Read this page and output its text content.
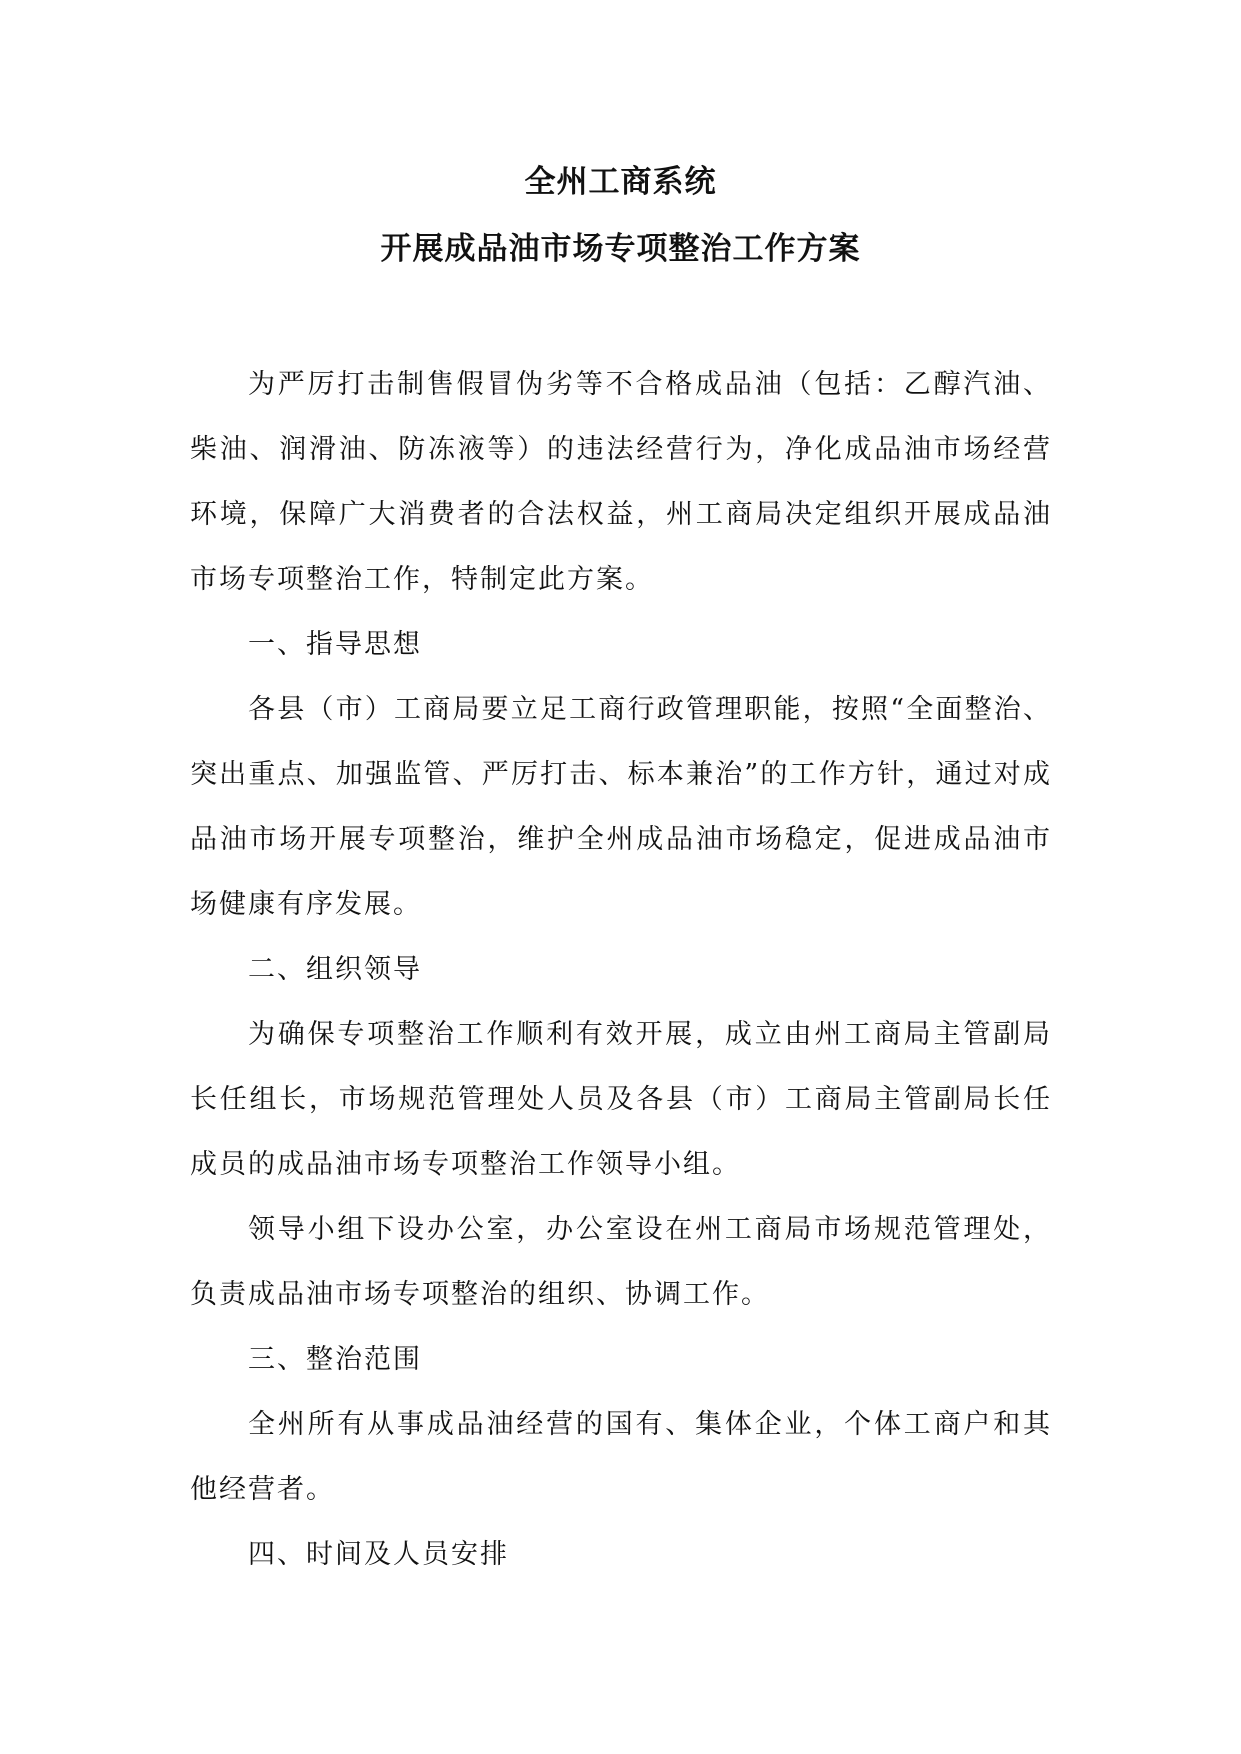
全州工商系统
开展成品油市场专项整治工作方案

为严厉打击制售假冒伪劣等不合格成品油（包括：乙醇汽油、柴油、润滑油、防冻液等）的违法经营行为，净化成品油市场经营环境，保障广大消费者的合法权益，州工商局决定组织开展成品油市场专项整治工作，特制定此方案。

一、指导思想

各县（市）工商局要立足工商行政管理职能，按照“全面整治、突出重点、加强监管、严厉打击、标本兼治”的工作方针，通过对成品油市场开展专项整治，维护全州成品油市场稳定，促进成品油市场健康有序发展。

二、组织领导

为确保专项整治工作顺利有效开展，成立由州工商局主管副局长任组长，市场规范管理处人员及各县（市）工商局主管副局长任成员的成品油市场专项整治工作领导小组。

领导小组下设办公室，办公室设在州工商局市场规范管理处，负责成品油市场专项整治的组织、协调工作。

三、整治范围

全州所有从事成品油经营的国有、集体企业，个体工商户和其他经营者。

四、时间及人员安排
